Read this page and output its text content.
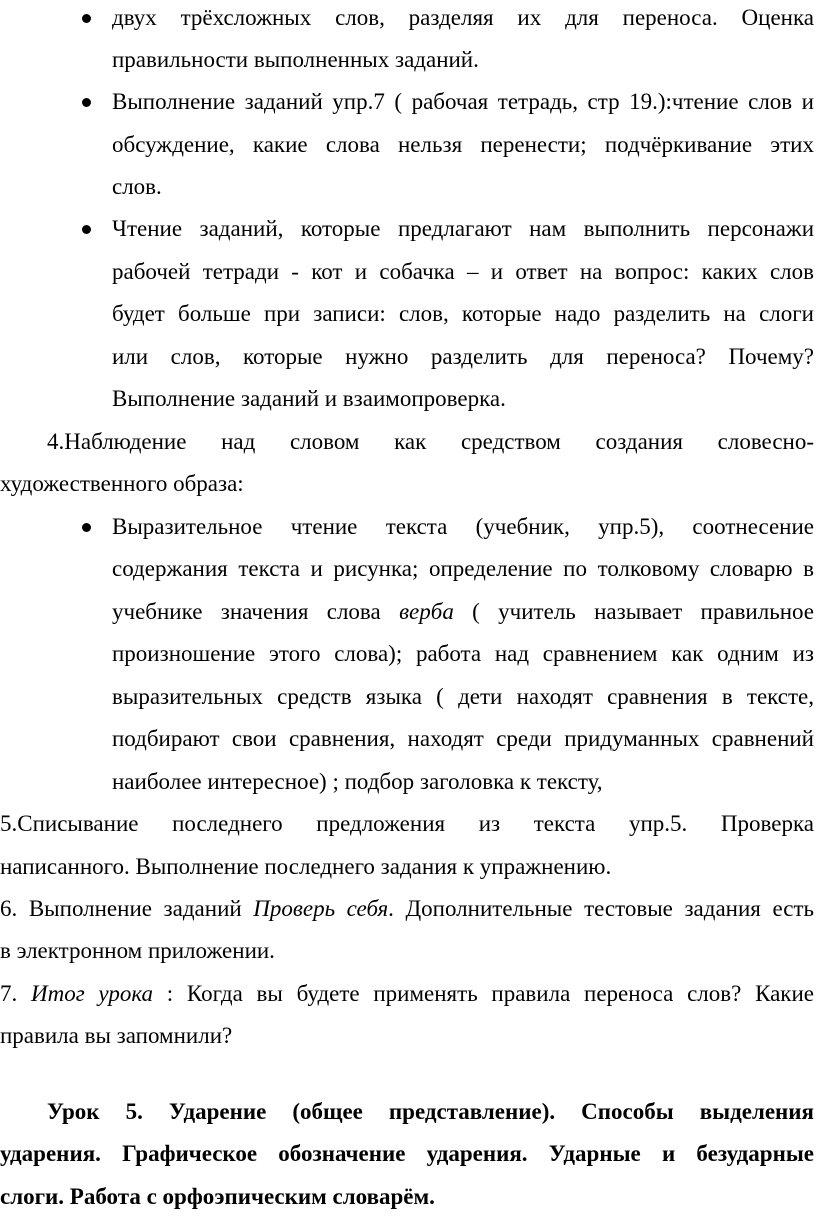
двух трёхсложных слов, разделяя их для переноса. Оценка
правильности выполненных заданий.
Выполнение заданий упр.7 ( рабочая тетрадь, стр 19.):чтение слов и
обсуждение, какие слова нельзя перенести; подчёркивание этих
слов.
Чтение заданий, которые предлагают нам выполнить персонажи
рабочей тетради - кот и собачка – и ответ на вопрос: каких слов
будет больше при записи: слов, которые надо разделить на слоги
или слов, которые нужно разделить для переноса? Почему?
Выполнение заданий и взаимопроверка.
4.Наблюдение над словом как средством создания словесно-
художественного образа:
Выразительное чтение текста (учебник, упр.5), соотнесение
содержания текста и рисунка; определение по толковому словарю в
учебнике значения слова верба ( учитель называет правильное
произношение этого слова); работа над сравнением как одним из
выразительных средств языка ( дети находят сравнения в тексте,
подбирают свои сравнения, находят среди придуманных сравнений
наиболее интересное) ; подбор заголовка к тексту,
5.Списывание последнего предложения из текста упр.5. Проверка
написанного. Выполнение последнего задания к упражнению.
6. Выполнение заданий Проверь себя. Дополнительные тестовые задания есть
в электронном приложении.
7. Итог урока : Когда вы будете применять правила переноса слов? Какие
правила вы запомнили?
Урок 5. Ударение (общее представление). Способы выделения
ударения. Графическое обозначение ударения. Ударные и безударные
слоги. Работа с орфоэпическим словарём.
